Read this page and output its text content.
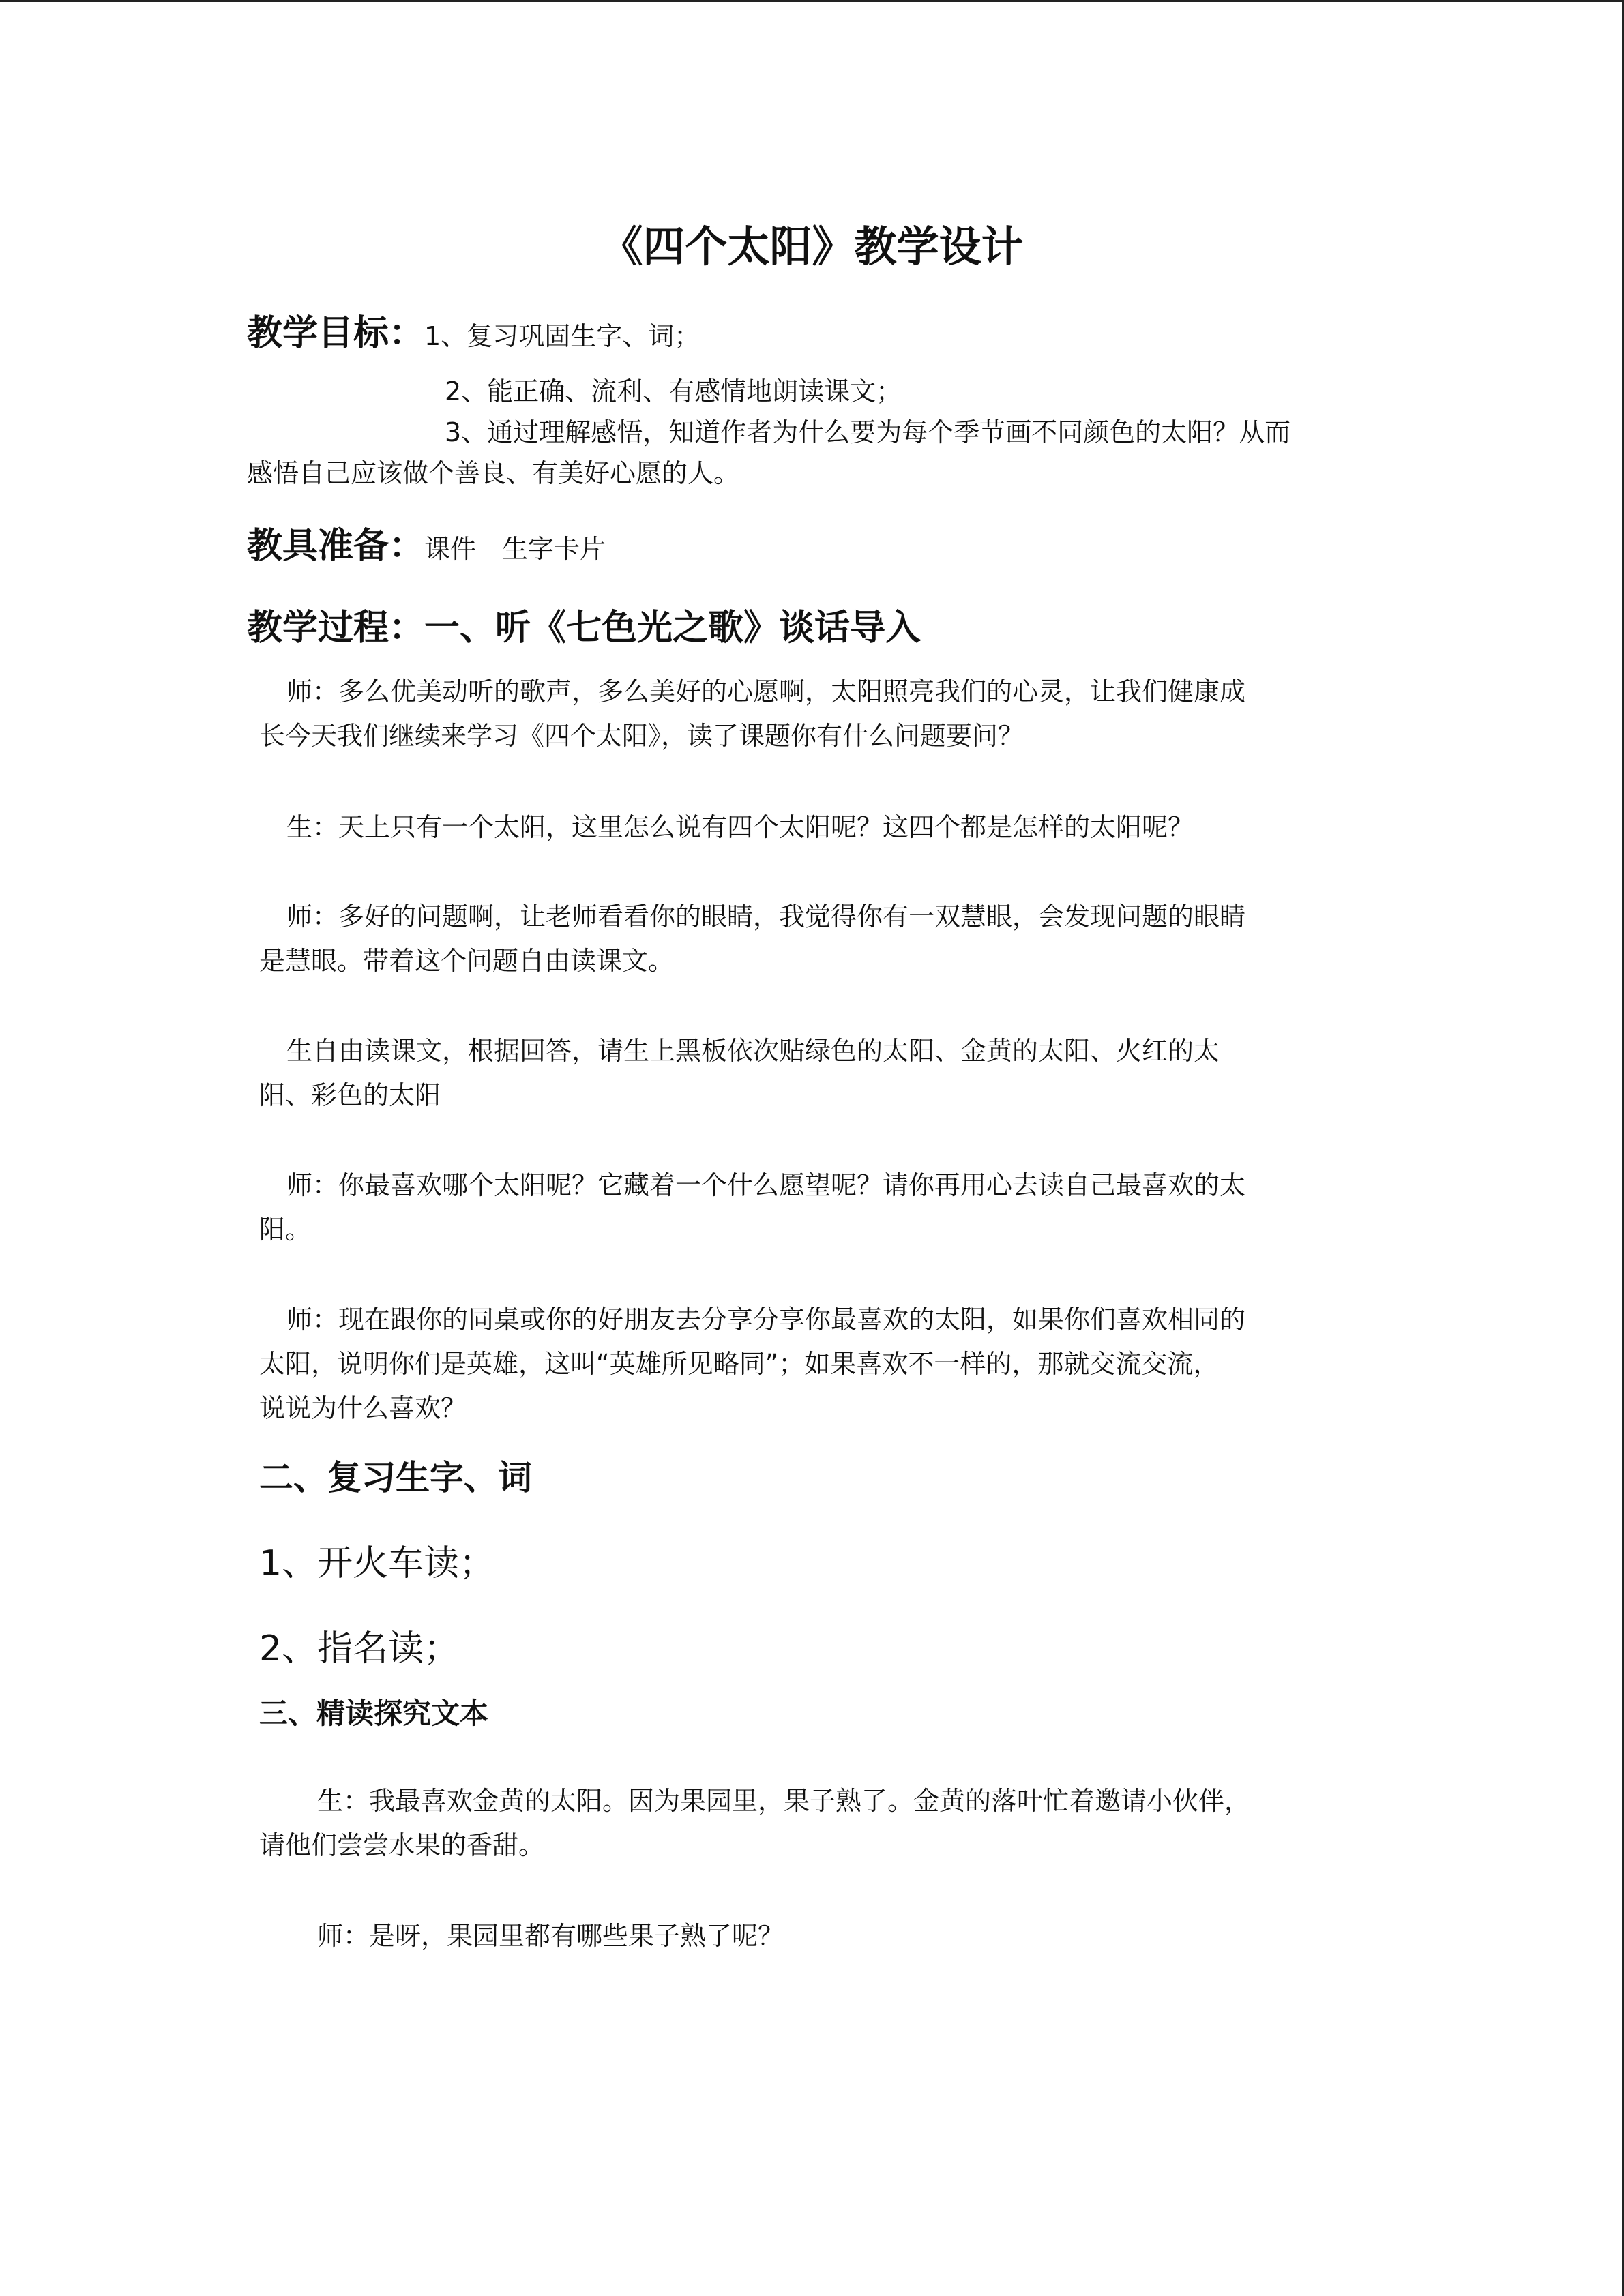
《四个太阳》教学设计
教学目标：1、复习巩固生字、词；
2、能正确、流利、有感情地朗读课文；
3、通过理解感悟，知道作者为什么要为每个季节画不同颜色的太阳？从而
感悟自己应该做个善良、有美好心愿的人。
教具准备：课件　生字卡片
教学过程：一、听《七色光之歌》谈话导入
师：多么优美动听的歌声，多么美好的心愿啊，太阳照亮我们的心灵，让我们健康成
长今天我们继续来学习《四个太阳》，读了课题你有什么问题要问？
生：天上只有一个太阳，这里怎么说有四个太阳呢？这四个都是怎样的太阳呢？
师：多好的问题啊，让老师看看你的眼睛，我觉得你有一双慧眼，会发现问题的眼睛
是慧眼。带着这个问题自由读课文。
生自由读课文，根据回答，请生上黑板依次贴绿色的太阳、金黄的太阳、火红的太
阳、彩色的太阳
师：你最喜欢哪个太阳呢？它藏着一个什么愿望呢？请你再用心去读自己最喜欢的太
阳。
师：现在跟你的同桌或你的好朋友去分享分享你最喜欢的太阳，如果你们喜欢相同的
太阳，说明你们是英雄，这叫“英雄所见略同”；如果喜欢不一样的，那就交流交流，
说说为什么喜欢？
二、复习生字、词
1、开火车读；
2、指名读；
三、精读探究文本
生：我最喜欢金黄的太阳。因为果园里，果子熟了。金黄的落叶忙着邀请小伙伴，
请他们尝尝水果的香甜。
师：是呀，果园里都有哪些果子熟了呢？
